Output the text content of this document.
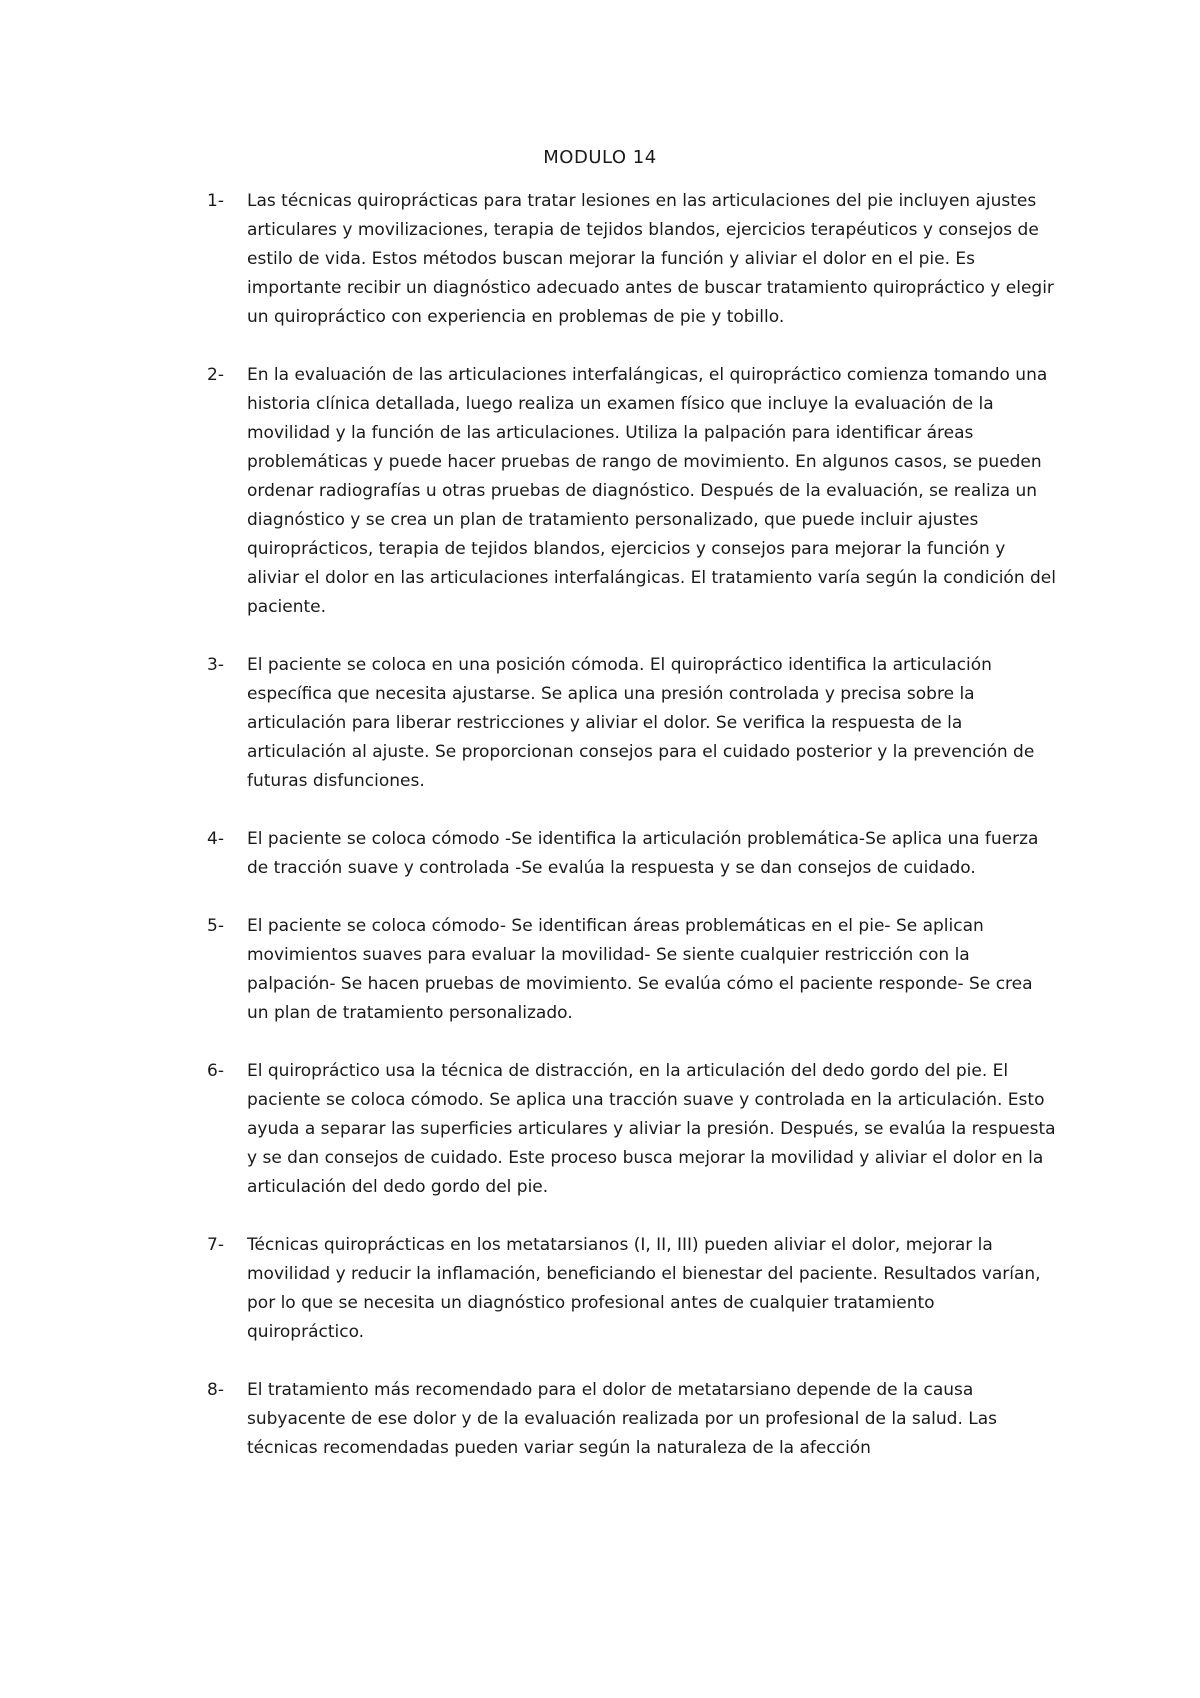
MODULO 14
1-	Las técnicas quiroprácticas para tratar lesiones en las articulaciones del pie incluyen ajustes articulares y movilizaciones, terapia de tejidos blandos, ejercicios terapéuticos y consejos de estilo de vida. Estos métodos buscan mejorar la función y aliviar el dolor en el pie. Es importante recibir un diagnóstico adecuado antes de buscar tratamiento quiropráctico y elegir un quiropráctico con experiencia en problemas de pie y tobillo.
2-	En la evaluación de las articulaciones interfalángicas, el quiropráctico comienza tomando una historia clínica detallada, luego realiza un examen físico que incluye la evaluación de la movilidad y la función de las articulaciones. Utiliza la palpación para identificar áreas problemáticas y puede hacer pruebas de rango de movimiento. En algunos casos, se pueden ordenar radiografías u otras pruebas de diagnóstico. Después de la evaluación, se realiza un diagnóstico y se crea un plan de tratamiento personalizado, que puede incluir ajustes quiroprácticos, terapia de tejidos blandos, ejercicios y consejos para mejorar la función y aliviar el dolor en las articulaciones interfalángicas. El tratamiento varía según la condición del paciente.
3-	El paciente se coloca en una posición cómoda. El quiropráctico identifica la articulación específica que necesita ajustarse. Se aplica una presión controlada y precisa sobre la articulación para liberar restricciones y aliviar el dolor. Se verifica la respuesta de la articulación al ajuste. Se proporcionan consejos para el cuidado posterior y la prevención de futuras disfunciones.
4-	El paciente se coloca cómodo -Se identifica la articulación problemática-Se aplica una fuerza de tracción suave y controlada -Se evalúa la respuesta y se dan consejos de cuidado.
5-	El paciente se coloca cómodo- Se identifican áreas problemáticas en el pie- Se aplican movimientos suaves para evaluar la movilidad- Se siente cualquier restricción con la palpación- Se hacen pruebas de movimiento. Se evalúa cómo el paciente responde- Se crea un plan de tratamiento personalizado.
6-	El quiropráctico usa la técnica de distracción, en la articulación del dedo gordo del pie. El paciente se coloca cómodo. Se aplica una tracción suave y controlada en la articulación. Esto ayuda a separar las superficies articulares y aliviar la presión. Después, se evalúa la respuesta y se dan consejos de cuidado. Este proceso busca mejorar la movilidad y aliviar el dolor en la articulación del dedo gordo del pie.
7-	Técnicas quiroprácticas en los metatarsianos (I, II, III) pueden aliviar el dolor, mejorar la movilidad y reducir la inflamación, beneficiando el bienestar del paciente. Resultados varían, por lo que se necesita un diagnóstico profesional antes de cualquier tratamiento quiropráctico.
8-	El tratamiento más recomendado para el dolor de metatarsiano depende de la causa subyacente de ese dolor y de la evaluación realizada por un profesional de la salud. Las técnicas recomendadas pueden variar según la naturaleza de la afección
